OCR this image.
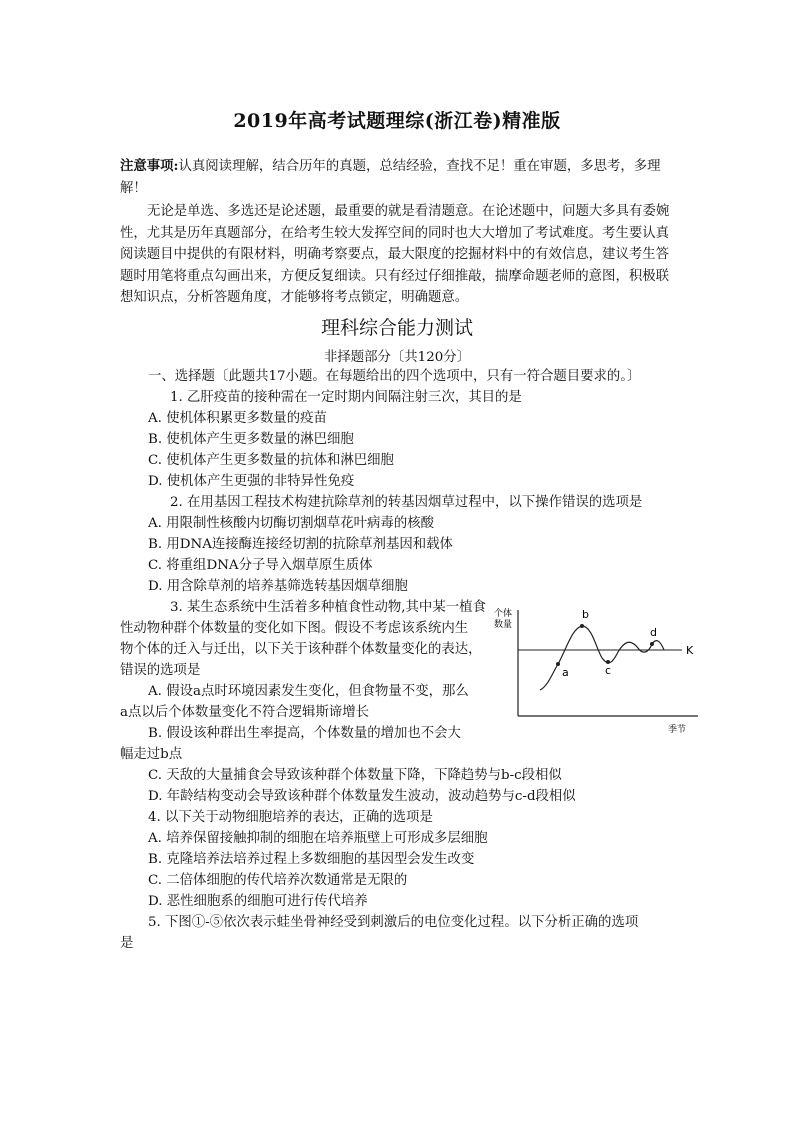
2019年高考试题理综(浙江卷)精准版
注意事项:认真阅读理解，结合历年的真题，总结经验，查找不足！重在审题，多思考，多理解！
无论是单选、多选还是论述题，最重要的就是看清题意。在论述题中，问题大多具有委婉性，尤其是历年真题部分，在给考生较大发挥空间的同时也大大增加了考试难度。考生要认真阅读题目中提供的有限材料，明确考察要点，最大限度的挖掘材料中的有效信息，建议考生答题时用笔将重点勾画出来，方便反复细读。只有经过仔细推敲，揣摩命题老师的意图，积极联想知识点，分析答题角度，才能够将考点锁定，明确题意。
理科综合能力测试
非择题部分〔共120分〕
一、选择题〔此题共17小题。在每题给出的四个选项中，只有一符合题目要求的。〕
1. 乙肝疫苗的接种需在一定时期内间隔注射三次，其目的是
A. 使机体积累更多数量的疫苗
B. 使机体产生更多数量的淋巴细胞
C. 使机体产生更多数量的抗体和淋巴细胞
D. 使机体产生更强的非特异性免疫
2. 在用基因工程技术构建抗除草剂的转基因烟草过程中，以下操作错误的选项是
A. 用限制性核酸内切酶切割烟草花叶病毒的核酸
B. 用DNA连接酶连接经切割的抗除草剂基因和载体
C. 将重组DNA分子导入烟草原生质体
D. 用含除草剂的培养基筛选转基因烟草细胞
3. 某生态系统中生活着多种植食性动物,其中某一植食
性动物种群个体数量的变化如下图。假设不考虑该系统内生
物个体的迁入与迁出，以下关于该种群个体数量变化的表达，
错误的选项是
A. 假设a点时环境因素发生变化，但食物量不变，那么
a点以后个体数量变化不符合逻辑斯谛增长
B. 假设该种群出生率提高，个体数量的增加也不会大
幅走过b点
C. 天敌的大量捕食会导致该种群个体数量下降，下降趋势与b-c段相似
D. 年龄结构变动会导致该种群个体数量发生波动，波动趋势与c-d段相似
4. 以下关于动物细胞培养的表达，正确的选项是
A. 培养保留接触抑制的细胞在培养瓶壁上可形成多层细胞
B. 克隆培养法培养过程上多数细胞的基因型会发生改变
C. 二倍体细胞的传代培养次数通常是无限的
D. 恶性细胞系的细胞可进行传代培养
5. 下图①-⑤依次表示蛙坐骨神经受到刺激后的电位变化过程。以下分析正确的选项
是
a
b
c
d
K
个体数量
季节
